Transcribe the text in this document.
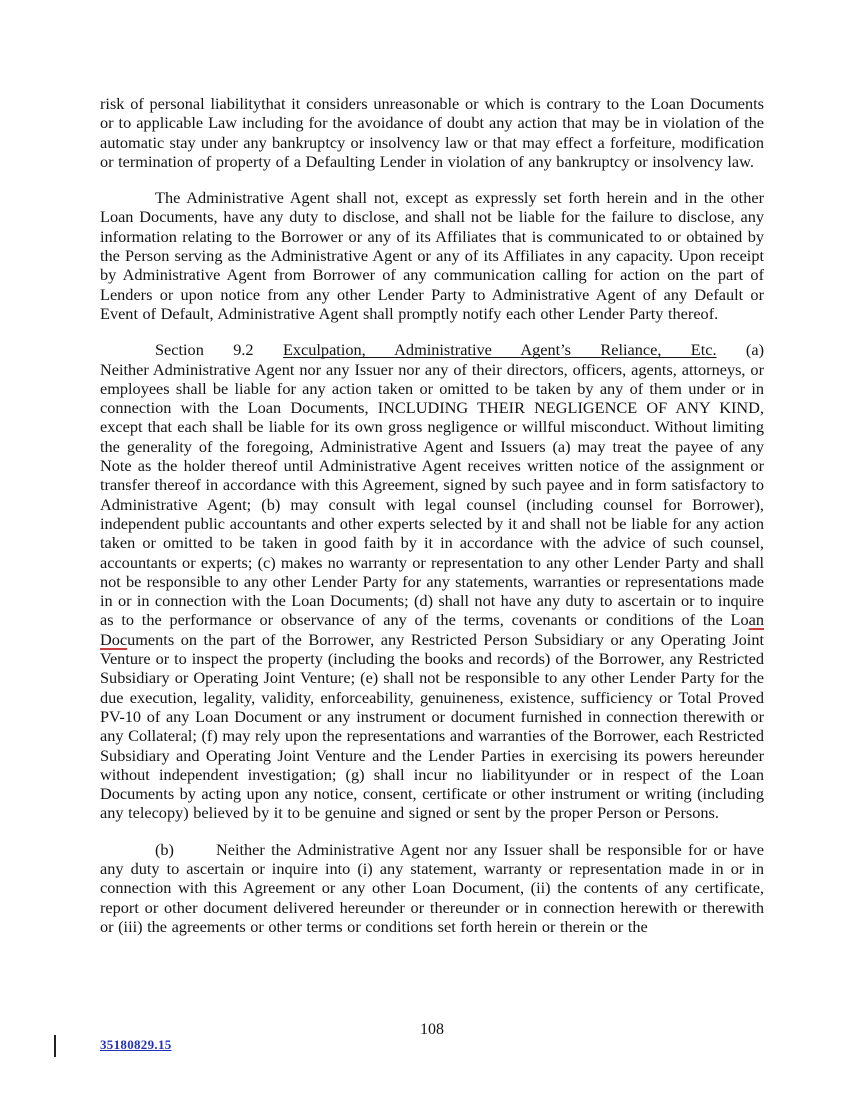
risk of personal liabilitythat it considers unreasonable or which is contrary to the Loan Documents or to applicable Law including for the avoidance of doubt any action that may be in violation of the automatic stay under any bankruptcy or insolvency law or that may effect a forfeiture, modification or termination of property of a Defaulting Lender in violation of any bankruptcy or insolvency law.
The Administrative Agent shall not, except as expressly set forth herein and in the other Loan Documents, have any duty to disclose, and shall not be liable for the failure to disclose, any information relating to the Borrower or any of its Affiliates that is communicated to or obtained by the Person serving as the Administrative Agent or any of its Affiliates in any capacity. Upon receipt by Administrative Agent from Borrower of any communication calling for action on the part of Lenders or upon notice from any other Lender Party to Administrative Agent of any Default or Event of Default, Administrative Agent shall promptly notify each other Lender Party thereof.
Section 9.2 Exculpation, Administrative Agent’s Reliance, Etc. (a)
Neither Administrative Agent nor any Issuer nor any of their directors, officers, agents, attorneys, or employees shall be liable for any action taken or omitted to be taken by any of them under or in connection with the Loan Documents, INCLUDING THEIR NEGLIGENCE OF ANY KIND, except that each shall be liable for its own gross negligence or willful misconduct. Without limiting the generality of the foregoing, Administrative Agent and Issuers (a) may treat the payee of any Note as the holder thereof until Administrative Agent receives written notice of the assignment or transfer thereof in accordance with this Agreement, signed by such payee and in form satisfactory to Administrative Agent; (b) may consult with legal counsel (including counsel for Borrower), independent public accountants and other experts selected by it and shall not be liable for any action taken or omitted to be taken in good faith by it in accordance with the advice of such counsel, accountants or experts; (c) makes no warranty or representation to any other Lender Party and shall not be responsible to any other Lender Party for any statements, warranties or representations made in or in connection with the Loan Documents; (d) shall not have any duty to ascertain or to inquire as to the performance or observance of any of the terms, covenants or conditions of the Loan Documents on the part of the Borrower, any Restricted Person Subsidiary or any Operating Joint Venture or to inspect the property (including the books and records) of the Borrower, any Restricted Subsidiary or Operating Joint Venture; (e) shall not be responsible to any other Lender Party for the due execution, legality, validity, enforceability, genuineness, existence, sufficiency or Total Proved PV-10 of any Loan Document or any instrument or document furnished in connection therewith or any Collateral; (f) may rely upon the representations and warranties of the Borrower, each Restricted Subsidiary and Operating Joint Venture and the Lender Parties in exercising its powers hereunder without independent investigation; (g) shall incur no liabilityunder or in respect of the Loan Documents by acting upon any notice, consent, certificate or other instrument or writing (including any telecopy) believed by it to be genuine and signed or sent by the proper Person or Persons.
(b)	Neither the Administrative Agent nor any Issuer shall be responsible for or have any duty to ascertain or inquire into (i) any statement, warranty or representation made in or in connection with this Agreement or any other Loan Document, (ii) the contents of any certificate, report or other document delivered hereunder or thereunder or in connection herewith or therewith or (iii) the agreements or other terms or conditions set forth herein or therein or the
108
35180829.15
